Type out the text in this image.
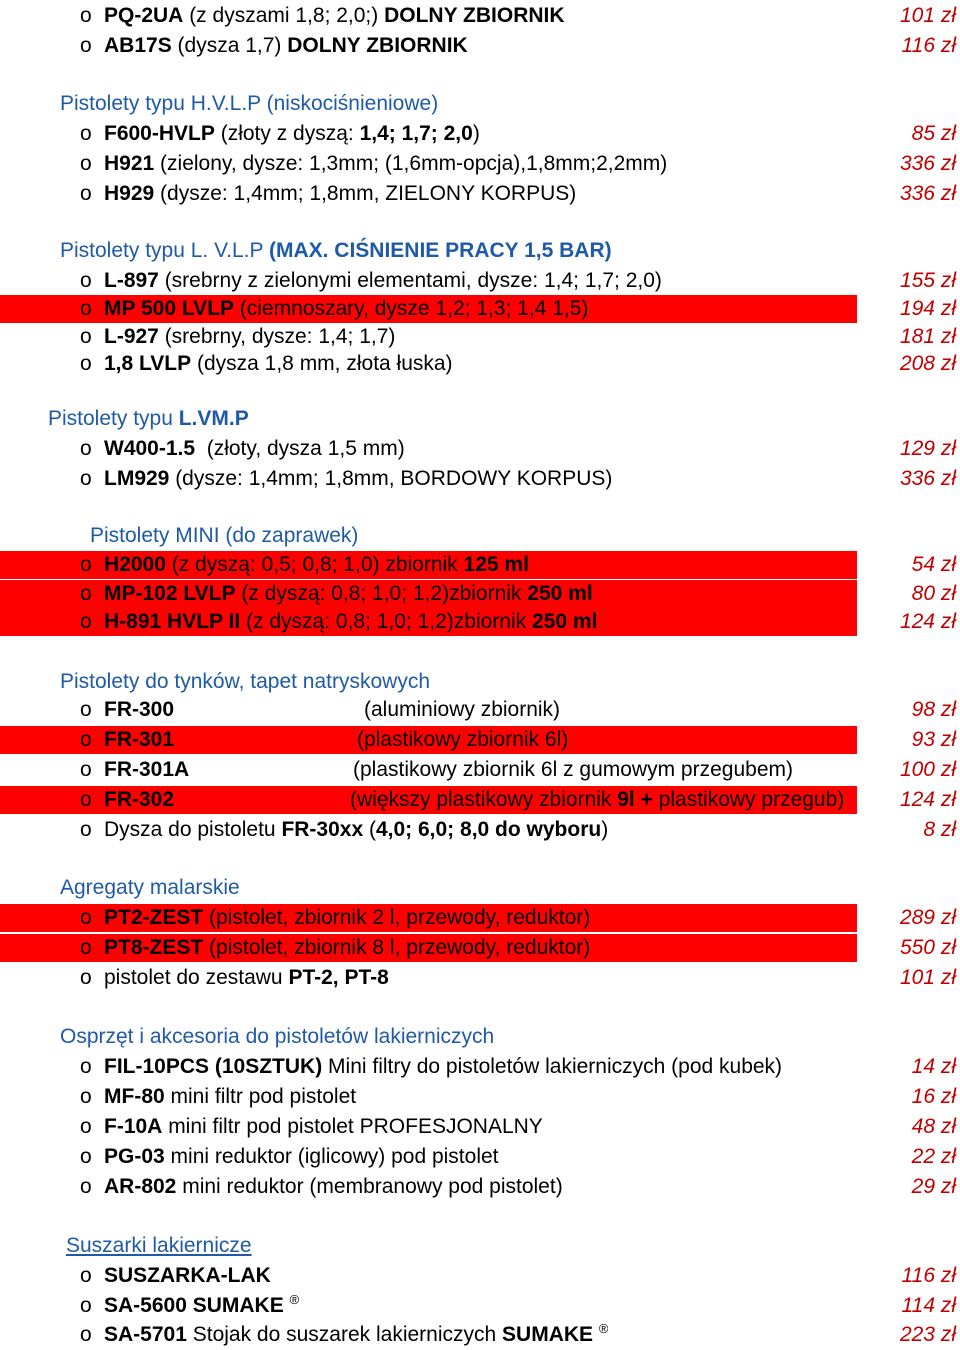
o PQ-2UA (z dyszami 1,8; 2,0;) DOLNY ZBIORNIK	101 zł
o AB17S (dysza 1,7) DOLNY ZBIORNIK	116 zł
Pistolety typu H.V.L.P (niskociśnieniowe)
o F600-HVLP (złoty z dyszą: 1,4; 1,7; 2,0)	85 zł
o H921 (zielony, dysze: 1,3mm; (1,6mm-opcja),1,8mm;2,2mm)	336 zł
o H929 (dysze: 1,4mm; 1,8mm, ZIELONY KORPUS)	336 zł
Pistolety typu L. V.L.P (MAX. CIŚNIENIE PRACY 1,5 BAR)
o L-897 (srebrny z zielonymi elementami, dysze: 1,4; 1,7; 2,0)	155 zł
o MP 500 LVLP (ciemnoszary, dysze 1,2; 1,3; 1,4 1,5)	194 zł
o L-927 (srebrny, dysze: 1,4; 1,7)	181 zł
o 1,8 LVLP (dysza 1,8 mm, złota łuska)	208 zł
Pistolety typu L.VM.P
o W400-1.5  (złoty, dysza 1,5 mm)	129 zł
o LM929 (dysze: 1,4mm; 1,8mm, BORDOWY KORPUS)	336 zł
Pistolety MINI (do zaprawek)
o H2000 (z dyszą: 0,5; 0,8; 1,0) zbiornik 125 ml	54 zł
o MP-102 LVLP (z dyszą: 0,8; 1,0; 1,2)zbiornik 250 ml	80 zł
o H-891 HVLP II (z dyszą: 0,8; 1,0; 1,2)zbiornik 250 ml	124 zł
Pistolety do tynków, tapet natryskowych
o FR-300	(aluminiowy zbiornik)	98 zł
o FR-301	(plastikowy zbiornik 6l)	93 zł
o FR-301A	(plastikowy zbiornik 6l z gumowym przegubem)	100 zł
o FR-302	(większy plastikowy zbiornik 9l + plastikowy przegub)	124 zł
o Dysza do pistoletu FR-30xx (4,0; 6,0; 8,0 do wyboru)	8 zł
Agregaty malarskie
o PT2-ZEST (pistolet, zbiornik 2 l, przewody, reduktor)	289 zł
o PT8-ZEST (pistolet, zbiornik 8 l, przewody, reduktor)	550 zł
o pistolet do zestawu PT-2, PT-8	101 zł
Osprzęt i akcesoria do pistoletów lakierniczych
o FIL-10PCS (10SZTUK) Mini filtry do pistoletów lakierniczych (pod kubek)	14 zł
o MF-80 mini filtr pod pistolet	16 zł
o F-10A mini filtr pod pistolet PROFESJONALNY	48 zł
o PG-03 mini reduktor (iglicowy) pod pistolet	22 zł
o AR-802 mini reduktor (membranowy pod pistolet)	29 zł
Suszarki lakiernicze
o SUSZARKA-LAK	116 zł
o SA-5600 SUMAKE ®	114 zł
o SA-5701 Stojak do suszarek lakierniczych SUMAKE ®	223 zł
